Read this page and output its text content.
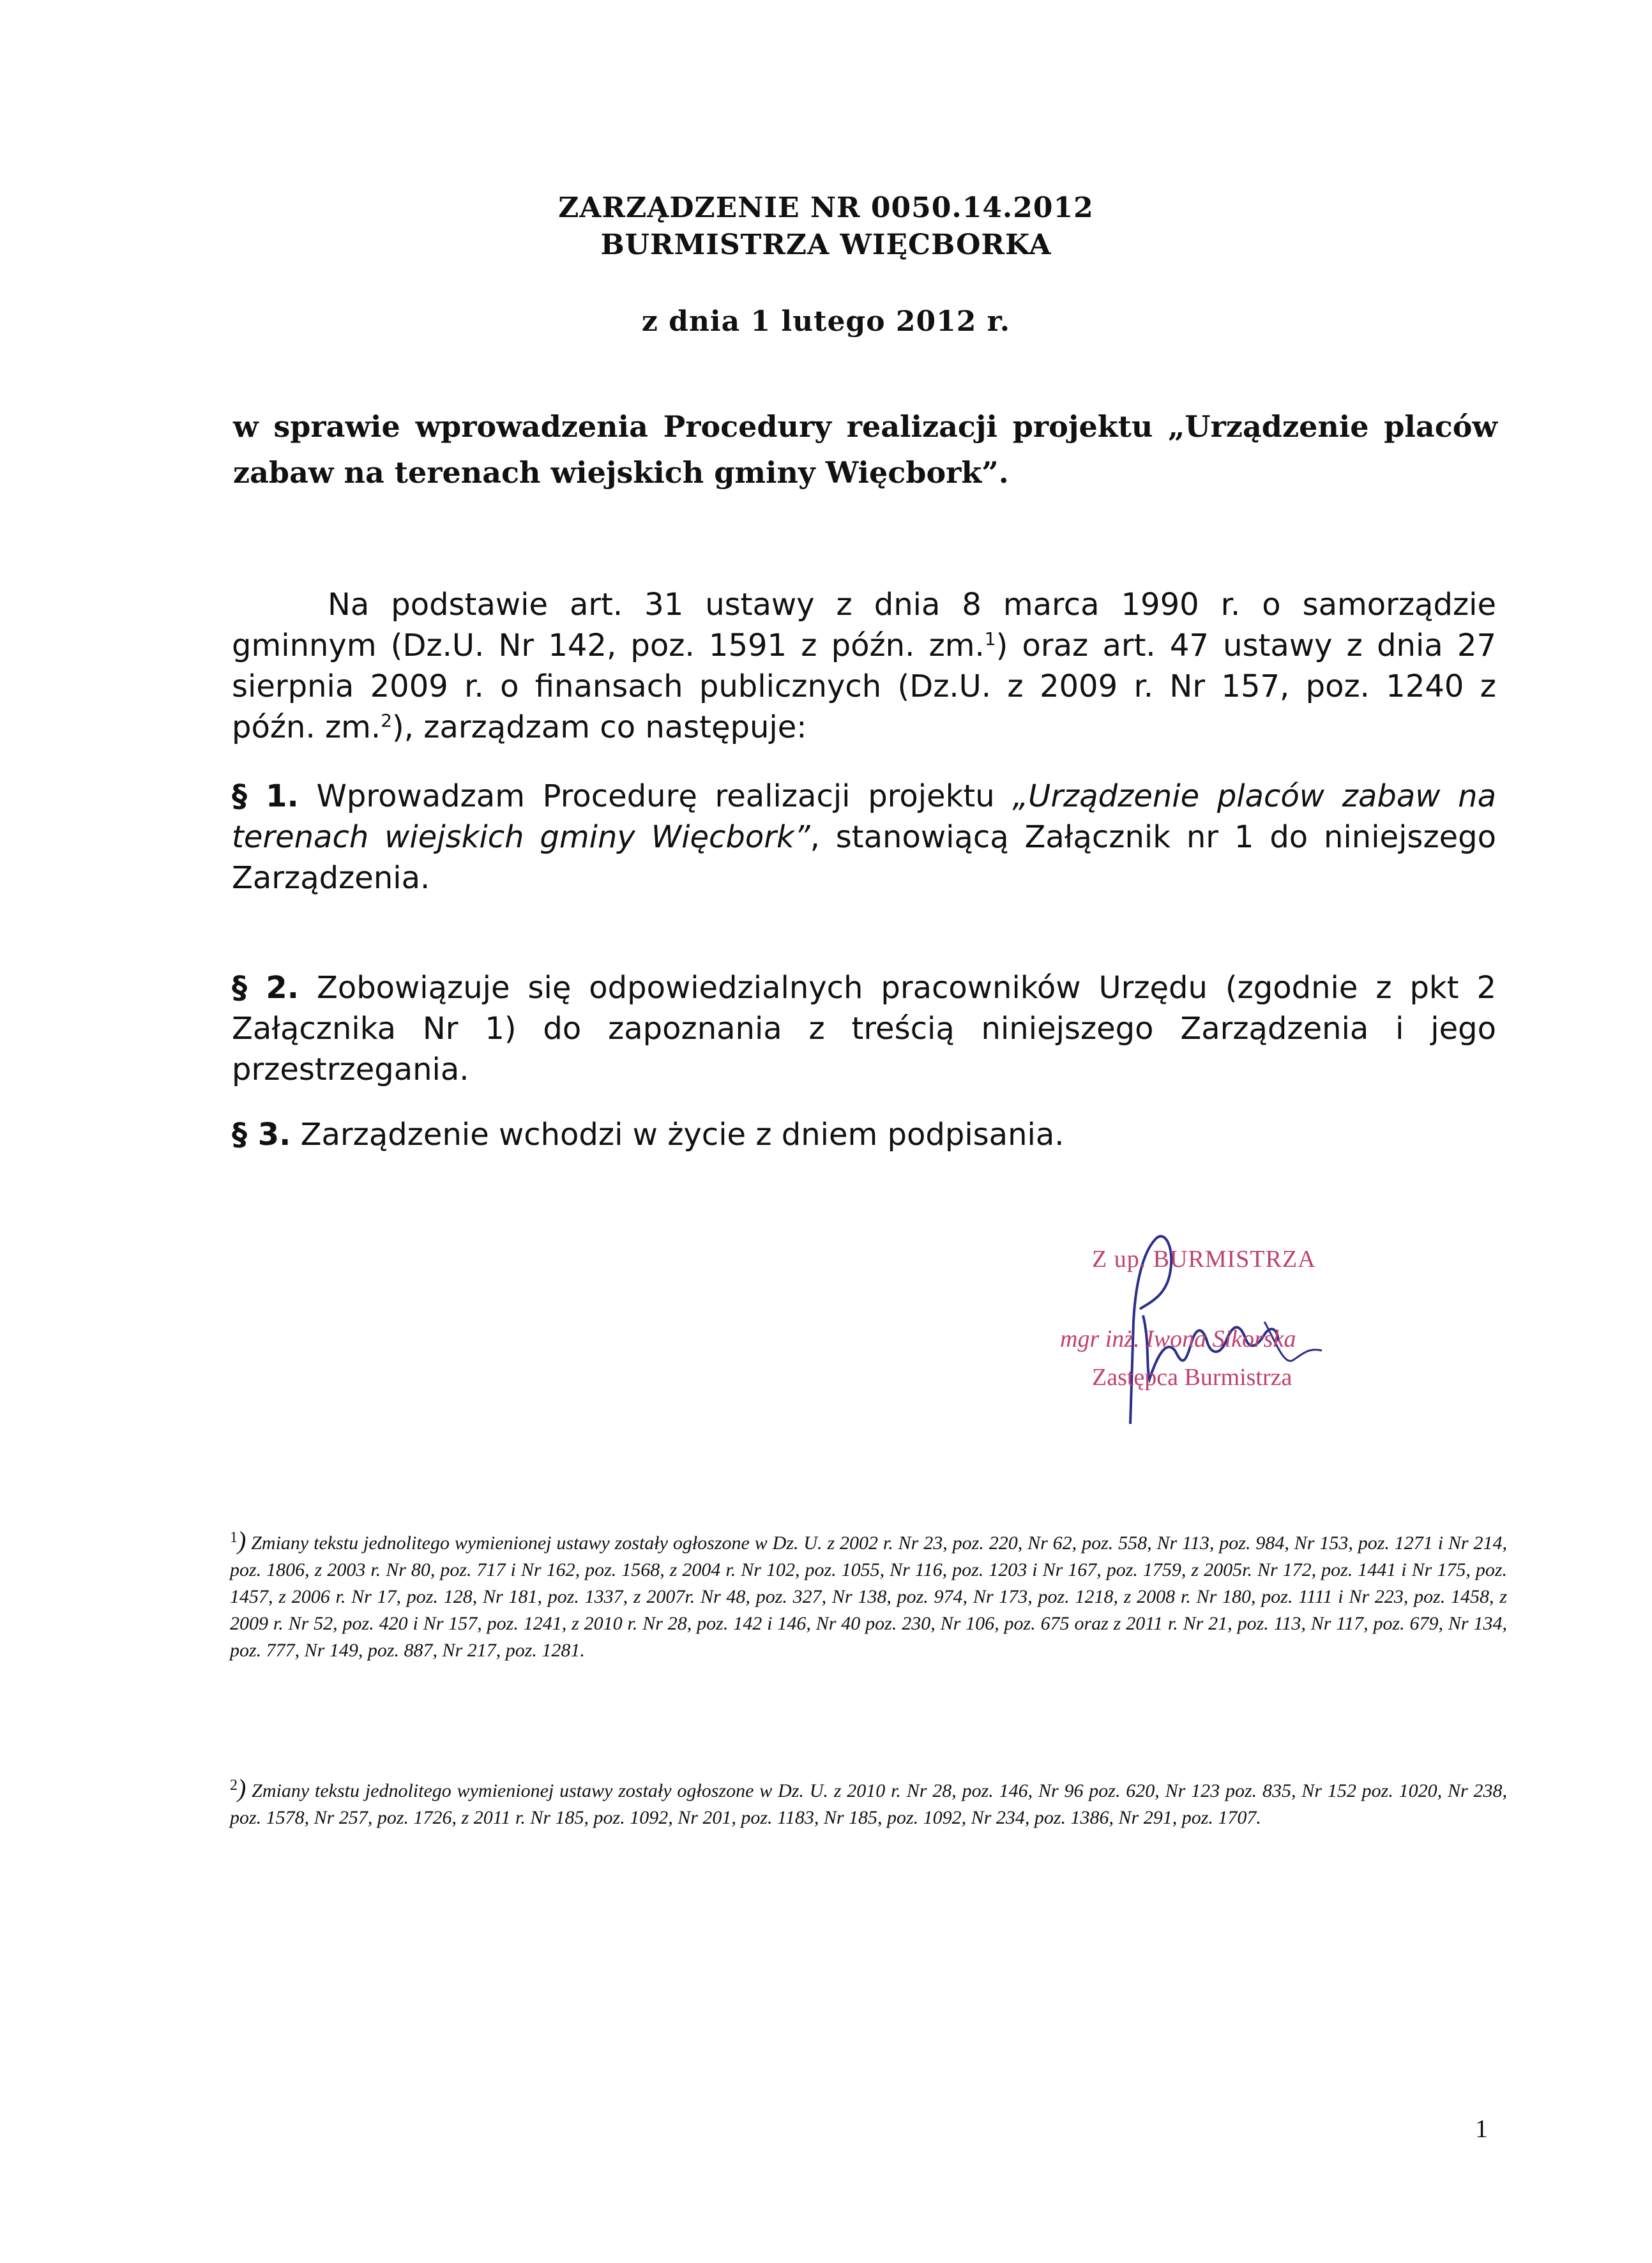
ZARZĄDZENIE NR 0050.14.2012
BURMISTRZA WIĘCBORKA
z dnia 1 lutego 2012 r.
w sprawie wprowadzenia Procedury realizacji projektu „Urządzenie placów zabaw na terenach wiejskich gminy Więcbork”.
Na podstawie art. 31 ustawy z dnia 8 marca 1990 r. o samorządzie gminnym (Dz.U. Nr 142, poz. 1591 z późn. zm.$^1$) oraz art. 47 ustawy z dnia 27 sierpnia 2009 r. o finansach publicznych (Dz.U. z 2009 r. Nr 157, poz. 1240 z późn. zm.$^2$), zarządzam co następuje:
§ 1. Wprowadzam Procedurę realizacji projektu „Urządzenie placów zabaw na terenach wiejskich gminy Więcbork”, stanowiącą Załącznik nr 1 do niniejszego Zarządzenia.
§ 2. Zobowiązuje się odpowiedzialnych pracowników Urzędu (zgodnie z pkt 2 Załącznika Nr 1) do zapoznania z treścią niniejszego Zarządzenia i jego przestrzegania.
§ 3. Zarządzenie wchodzi w życie z dniem podpisania.
Z up. BURMISTRZA
mgr inż. Iwona Sikorska
Zastępca Burmistrza
$^1$) Zmiany tekstu jednolitego wymienionej ustawy zostały ogłoszone w Dz. U. z 2002 r. Nr 23, poz. 220, Nr 62, poz. 558, Nr 113, poz. 984, Nr 153, poz. 1271 i Nr 214, poz. 1806, z 2003 r. Nr 80, poz. 717 i Nr 162, poz. 1568, z 2004 r. Nr 102, poz. 1055, Nr 116, poz. 1203 i Nr 167, poz. 1759, z 2005r. Nr 172, poz. 1441 i Nr 175, poz. 1457, z 2006 r. Nr 17, poz. 128, Nr 181, poz. 1337, z 2007r. Nr 48, poz. 327, Nr 138, poz. 974, Nr 173, poz. 1218, z 2008 r. Nr 180, poz. 1111 i Nr 223, poz. 1458, z 2009 r. Nr 52, poz. 420 i Nr 157, poz. 1241, z 2010 r. Nr 28, poz. 142 i 146, Nr 40 poz. 230, Nr 106, poz. 675 oraz z 2011 r. Nr 21, poz. 113, Nr 117, poz. 679, Nr 134, poz. 777, Nr 149, poz. 887, Nr 217, poz. 1281.
$^2$) Zmiany tekstu jednolitego wymienionej ustawy zostały ogłoszone w Dz. U. z 2010 r. Nr 28, poz. 146, Nr 96 poz. 620, Nr 123 poz. 835, Nr 152 poz. 1020, Nr 238, poz. 1578, Nr 257, poz. 1726, z 2011 r. Nr 185, poz. 1092, Nr 201, poz. 1183, Nr 185, poz. 1092, Nr 234, poz. 1386, Nr 291, poz. 1707.
1
